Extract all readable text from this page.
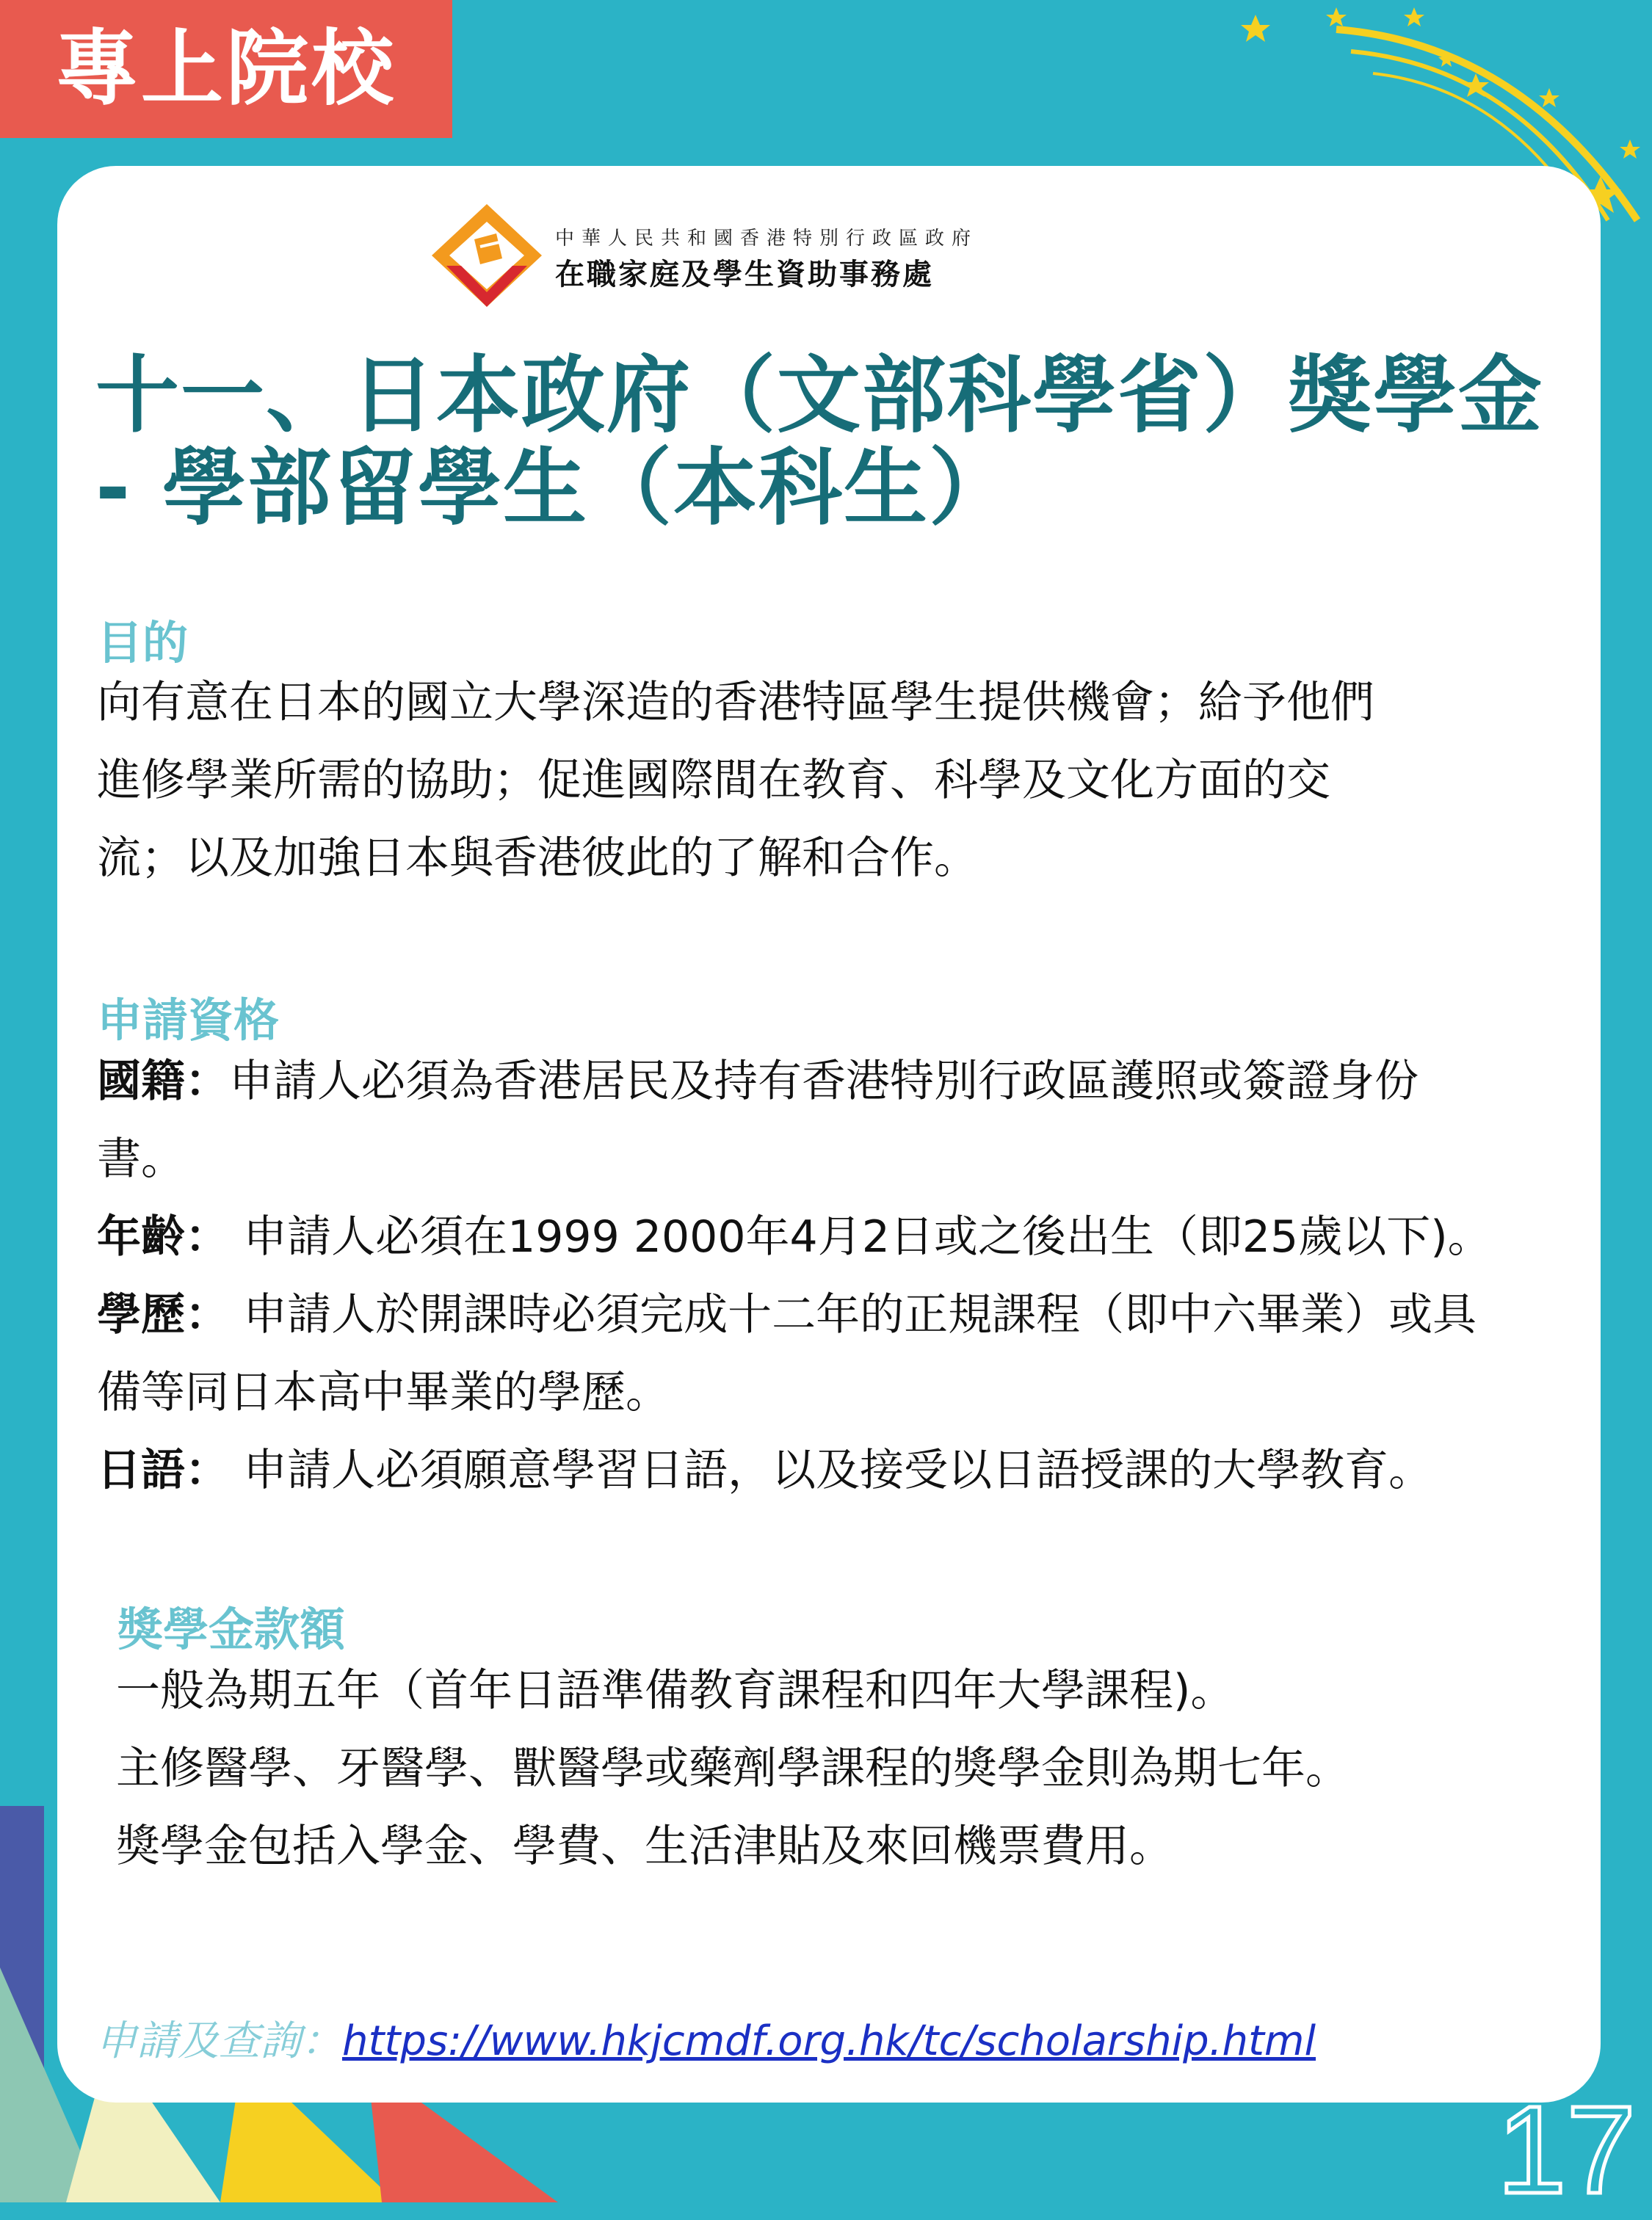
專上院校
中華人民共和國香港特別行政區政府
在職家庭及學生資助事務處
十一、日本政府（文部科學省）獎學金
- 學部留學生（本科生）
目的
向有意在日本的國立大學深造的香港特區學生提供機會；給予他們
進修學業所需的協助；促進國際間在教育、科學及文化方面的交
流；以及加強日本與香港彼此的了解和合作。
申請資格
國籍：申請人必須為香港居民及持有香港特別行政區護照或簽證身份
書。
年齡： 申請人必須在1999 2000年4月2日或之後出生（即25歲以下)。
學歷： 申請人於開課時必須完成十二年的正規課程（即中六畢業）或具
備等同日本高中畢業的學歷。
日語： 申請人必須願意學習日語，以及接受以日語授課的大學教育。
獎學金款額
一般為期五年（首年日語準備教育課程和四年大學課程)。
主修醫學、牙醫學、獸醫學或藥劑學課程的獎學金則為期七年。
獎學金包括入學金、學費、生活津貼及來回機票費用。
申請及查詢：https://www.hkjcmdf.org.hk/tc/scholarship.html
17
